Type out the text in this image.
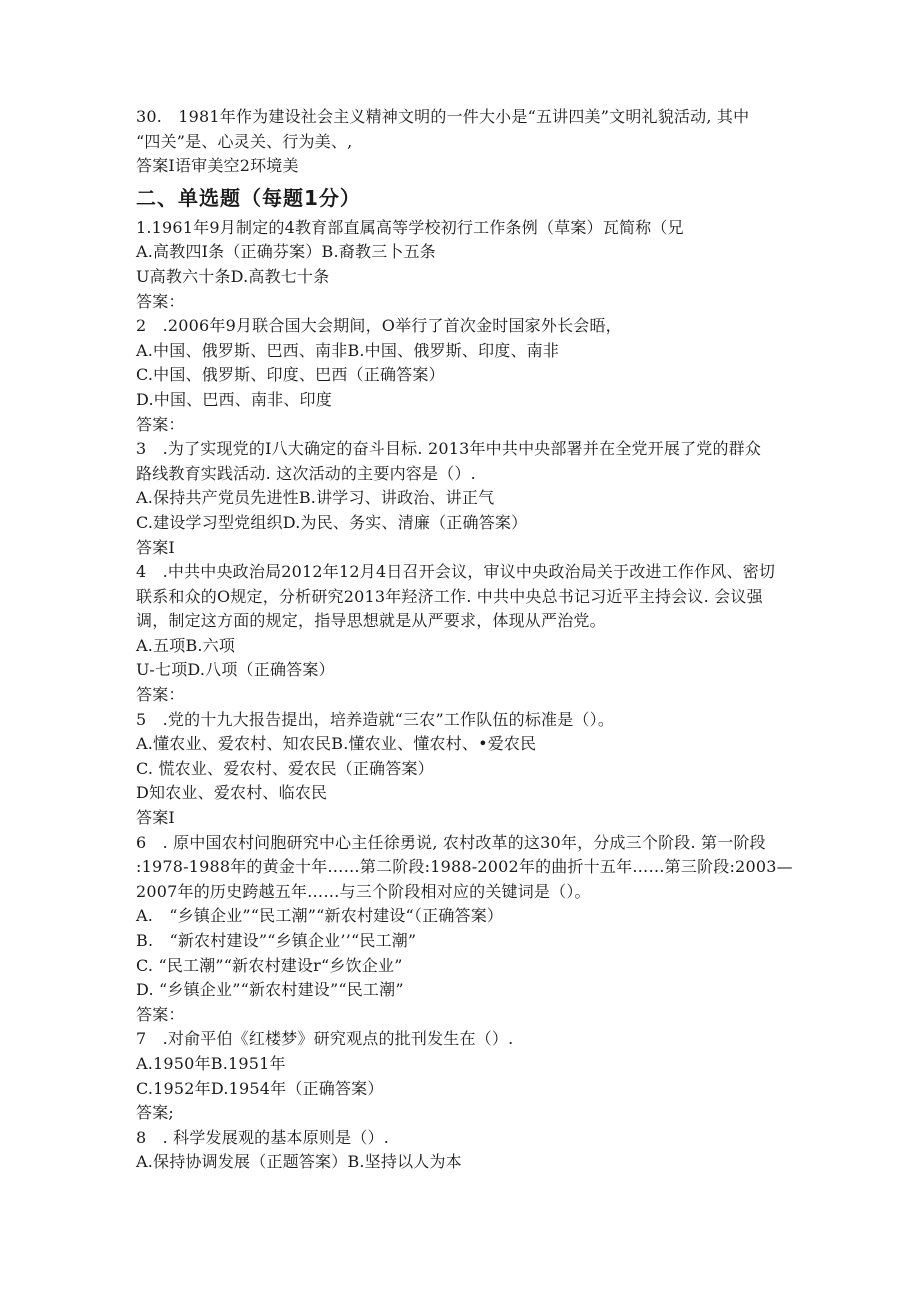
30.　1981年作为建设社会主义精神文明的一件大小是“五讲四美”文明礼貌活动, 其中
“四关”是、心灵关、行为美、,
答案I语审美空2环境美
二、单选题（每题1分）
1.1961年9月制定的4教育部直属高等学校初行工作条例（草案）瓦简称（兄
A.高教四I条（正确芬案）B.裔教三卜五条
U高教六十条D.高教七十条
答案：
2　.2006年9月联合国大会期间，O举行了首次金时国家外长会晤，
A.中国、俄罗斯、巴西、南非B.中国、俄罗斯、印度、南非
C.中国、俄罗斯、印度、巴西（正确答案）
D.中国、巴西、南非、印度
答案：
3　.为了实现党的I八大确定的奋斗目标. 2013年中共中央部署并在全党开展了党的群众
路线教育实践活动. 这次活动的主要内容是（）.
A.保持共产党员先进性B.讲学习、讲政治、讲正气
C.建设学习型党组织D.为民、务实、清廉（正确答案）
答案I
4　.中共中央政治局2012年12月4日召开会议，审议中央政治局关于改进工作作风、密切
联系和众的O规定，分析研究2013年羟济工作. 中共中央总书记习近平主持会议. 会议强
调，制定这方面的规定，指导思想就是从严要求，体现从严治党。
A.五项B.六项
U-七项D.八项（正确答案）
答案：
5　.党的十九大报告提出，培养造就“三农”工作队伍的标准是（）。
A.懂农业、爱农村、知农民B.懂农业、懂农村、•爱农民
C. 慌农业、爱农村、爱农民（正确答案）
D知农业、爱农村、临农民
答案I
6　. 原中国农村问胞研究中心主任徐勇说, 农村改革的这30年，分成三个阶段. 第一阶段
:1978-1988年的黄金十年……第二阶段:1988-2002年的曲折十五年……第三阶段:2003—
2007年的历史跨越五年……与三个阶段相对应的关键词是（）。
A.　“乡镇企业”“民工潮”“新农村建设“（正确答案）
B.　“新农村建设”“乡镇企业’’“民工潮”
C. “民工潮”“新农村建设r“乡饮企业”
D. “乡镇企业”“新农村建设”“民工潮”
答案：
7　.对俞平伯《红楼梦》研究观点的批刊发生在（）.
A.1950年B.1951年
C.1952年D.1954年（正确答案）
答案;
8　. 科学发展观的基本原则是（）.
A.保持协调发展（正题答案）B.坚持以人为本
